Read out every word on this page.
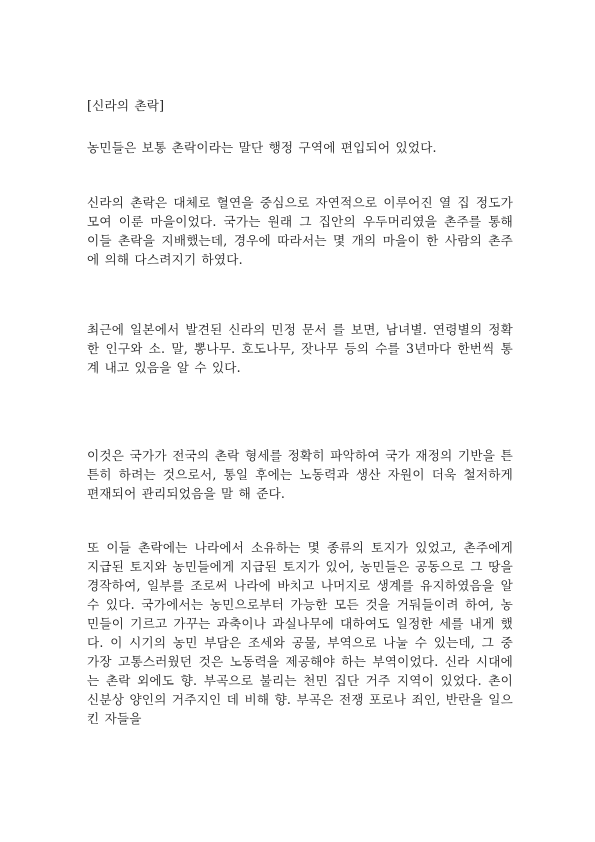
[신라의 촌락]

농민들은 보통 촌락이라는 말단 행정 구역에 편입되어 있었다.

신라의 촌락은 대체로 혈연을 중심으로 자연적으로 이루어진 열 집 정도가 모여 이룬 마을이었다. 국가는 원래 그 집안의 우두머리였을 촌주를 통해 이들 촌락을 지배했는데, 경우에 따라서는 몇 개의 마을이 한 사람의 촌주에 의해 다스려지기 하였다.

최근에 일본에서 발견된 신라의 민정 문서 를 보면, 남녀별. 연령별의 정확한 인구와 소. 말, 뽕나무. 호도나무, 잣나무 등의 수를 3년마다 한번씩 통계 내고 있음을 알 수 있다.

이것은 국가가 전국의 촌락 형세를 정확히 파악하여 국가 재정의 기반을 튼튼히 하려는 것으로서, 통일 후에는 노동력과 생산 자원이 더욱 철저하게 편재되어 관리되었음을 말 해 준다.

또 이들 촌락에는 나라에서 소유하는 몇 종류의 토지가 있었고, 촌주에게 지급된 토지와 농민들에게 지급된 토지가 있어, 농민들은 공동으로 그 땅을 경작하여, 일부를 조로써 나라에 바치고 나머지로 생계를 유지하였음을 알 수 있다. 국가에서는 농민으로부터 가능한 모든 것을 거둬들이려 하여, 농민들이 기르고 가꾸는 과축이나 과실나무에 대하여도 일정한 세를 내게 했다. 이 시기의 농민 부담은 조세와 공물, 부역으로 나눌 수 있는데, 그 중 가장 고통스러웠던 것은 노동력을 제공해야 하는 부역이었다. 신라 시대에는 촌락 외에도 향. 부곡으로 불리는 천민 집단 거주 지역이 있었다. 촌이 신분상 양인의 거주지인 데 비해 향. 부곡은 전쟁 포로나 죄인, 반란을 일으킨 자들을
